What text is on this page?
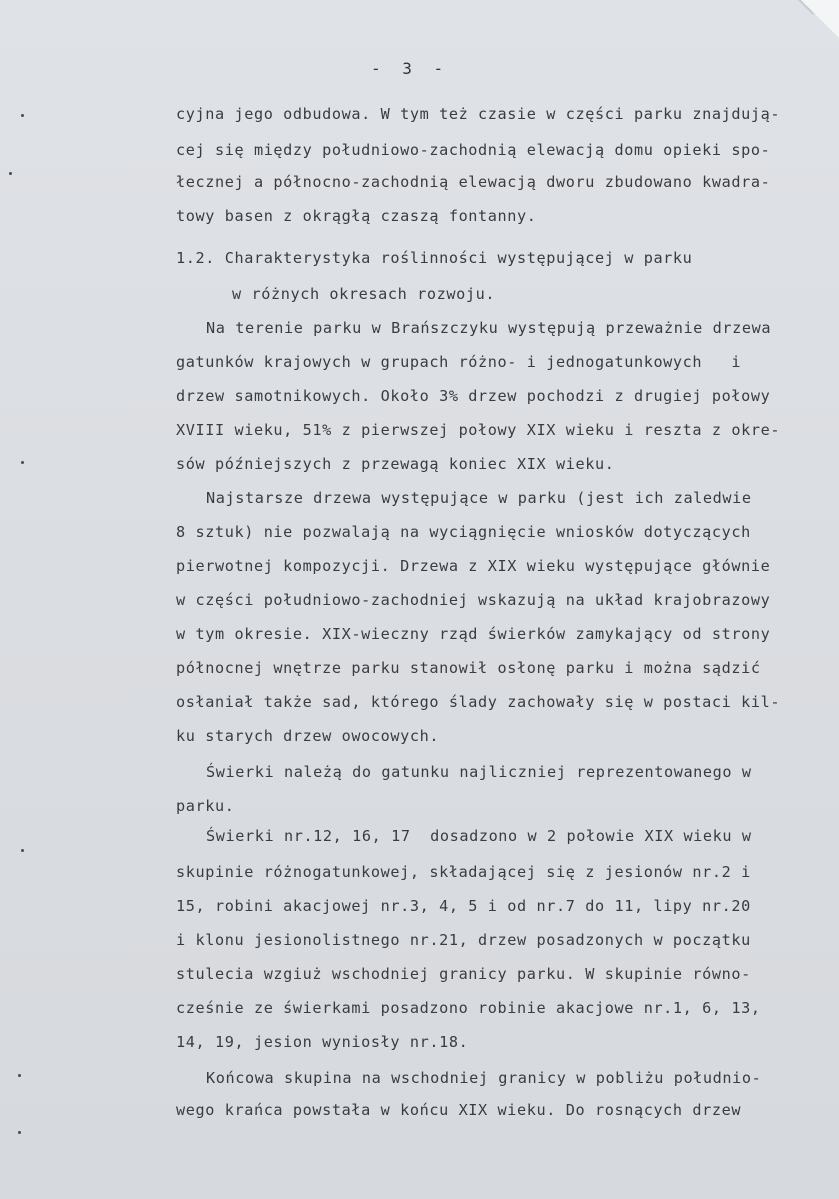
- 3 -
cyjna jego odbudowa. W tym też czasie w części parku znajdują-
cej się między południowo-zachodnią elewacją domu opieki spo-
łecznej a północno-zachodnią elewacją dworu zbudowano kwadra-
towy basen z okrągłą czaszą fontanny.
1.2. Charakterystyka roślinności występującej w parku
w różnych okresach rozwoju.
Na terenie parku w Brańszczyku występują przeważnie drzewa
gatunków krajowych w grupach różno- i jednogatunkowych   i
drzew samotnikowych. Około 3% drzew pochodzi z drugiej połowy
XVIII wieku, 51% z pierwszej połowy XIX wieku i reszta z okre-
sów późniejszych z przewagą koniec XIX wieku.
Najstarsze drzewa występujące w parku (jest ich zaledwie
8 sztuk) nie pozwalają na wyciągnięcie wniosków dotyczących
pierwotnej kompozycji. Drzewa z XIX wieku występujące głównie
w części południowo-zachodniej wskazują na układ krajobrazowy
w tym okresie. XIX-wieczny rząd świerków zamykający od strony
północnej wnętrze parku stanowił osłonę parku i można sądzić
osłaniał także sad, którego ślady zachowały się w postaci kil-
ku starych drzew owocowych.
Świerki należą do gatunku najliczniej reprezentowanego w
parku.
Świerki nr.12, 16, 17  dosadzono w 2 połowie XIX wieku w
skupinie różnogatunkowej, składającej się z jesionów nr.2 i
15, robini akacjowej nr.3, 4, 5 i od nr.7 do 11, lipy nr.20
i klonu jesionolistnego nr.21, drzew posadzonych w początku
stulecia wzgiuż wschodniej granicy parku. W skupinie równo-
cześnie ze świerkami posadzono robinie akacjowe nr.1, 6, 13,
14, 19, jesion wyniosły nr.18.
Końcowa skupina na wschodniej granicy w pobliżu południo-
wego krańca powstała w końcu XIX wieku. Do rosnących drzew
